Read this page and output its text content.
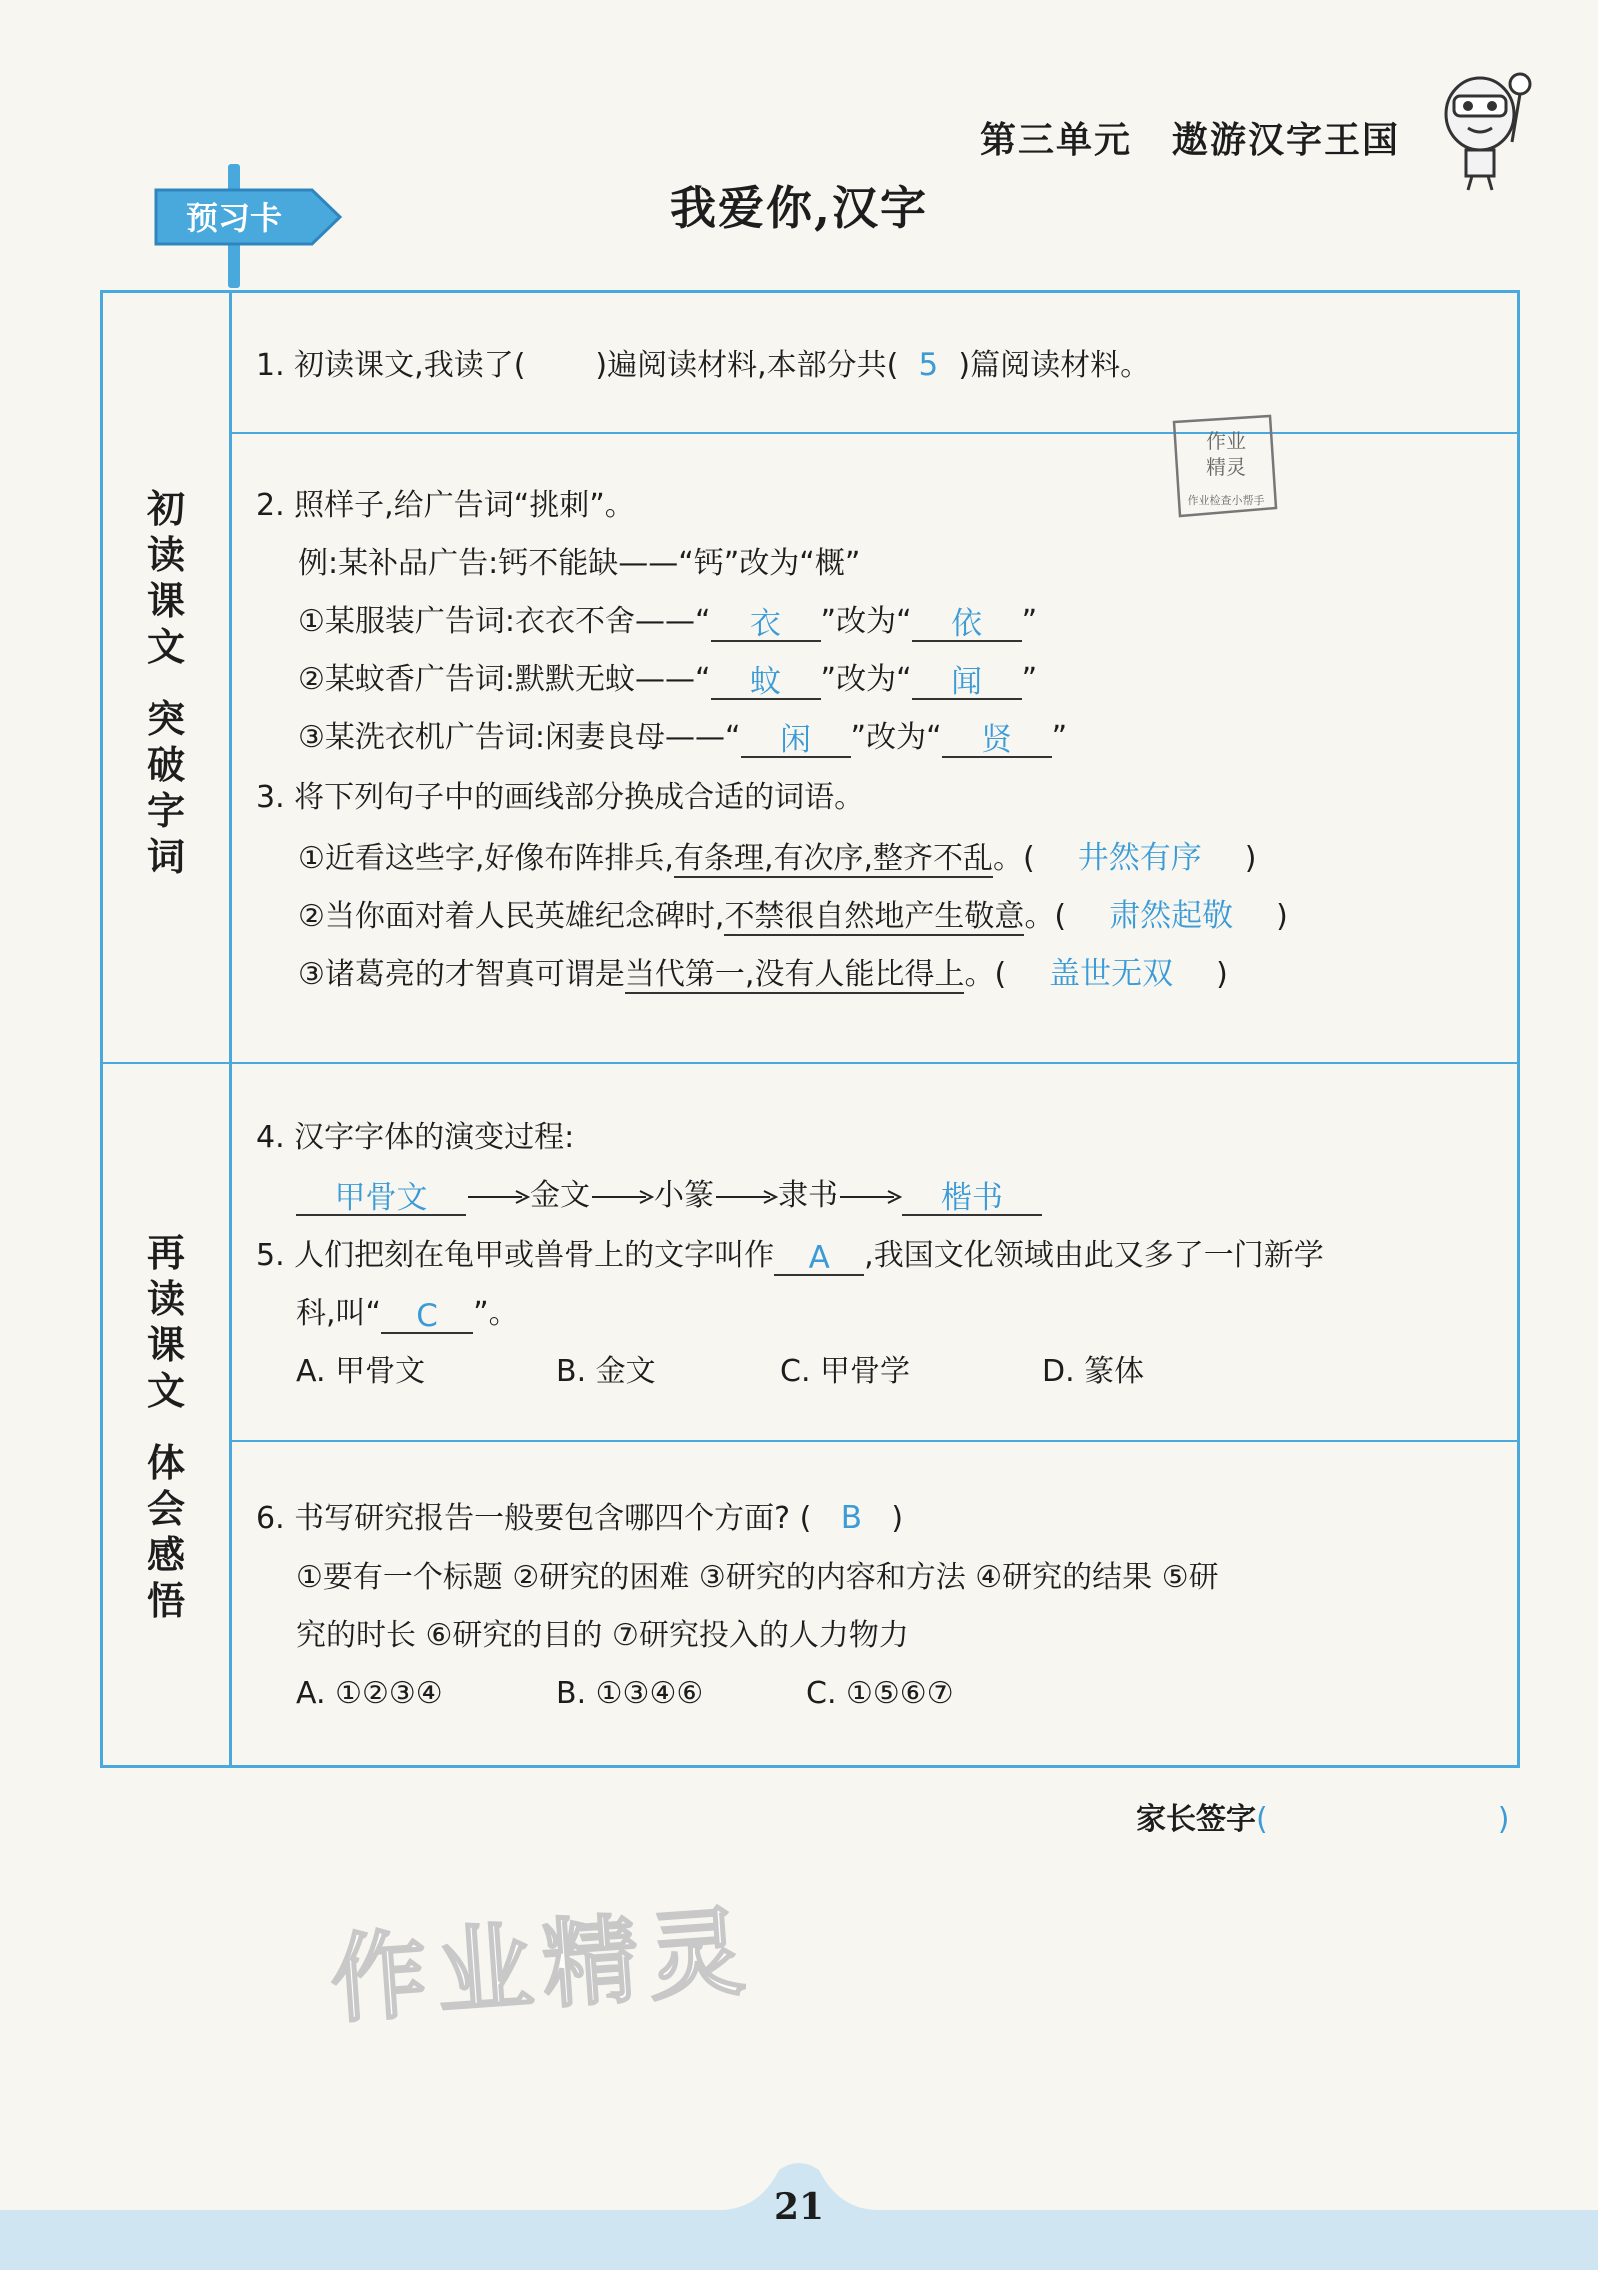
第三单元 遨游汉字王国
预习卡	我爱你,汉字
初
读
课
文
突
破
字
词
再
读
课
文
体
会
感
悟
作业
精灵
作业检查小帮手
1. 初读课文,我读了( )遍阅读材料,本部分共( 5 )篇阅读材料。
2. 照样子,给广告词“挑刺”。
例:某补品广告:钙不能缺——“钙”改为“概”
①某服装广告词:衣衣不舍——“ 衣 ”改为“ 依 ”
②某蚊香广告词:默默无蚊——“ 蚊 ”改为“ 闻 ”
③某洗衣机广告词:闲妻良母——“ 闲 ”改为“ 贤 ”
3. 将下列句子中的画线部分换成合适的词语。
①近看这些字,好像布阵排兵,有条理,有次序,整齐不乱。( 井然有序 )
②当你面对着人民英雄纪念碑时,不禁很自然地产生敬意。( 肃然起敬 )
③诸葛亮的才智真可谓是当代第一,没有人能比得上。( 盖世无双 )
4. 汉字字体的演变过程:
甲骨文	金文 小篆 隶书	楷书
5. 人们把刻在龟甲或兽骨上的文字叫作 A ,我国文化领域由此又多了一门新学
科,叫“ C ”。
A. 甲骨文	B. 金文	C. 甲骨学	D. 篆体
6. 书写研究报告一般要包含哪四个方面? ( B )
①要有一个标题 ②研究的困难 ③研究的内容和方法 ④研究的结果 ⑤研
究的时长 ⑥研究的目的 ⑦研究投入的人力物力
A. ①②③④	B. ①③④⑥	C. ①⑤⑥⑦
家长签字(	)
作业精灵
21
